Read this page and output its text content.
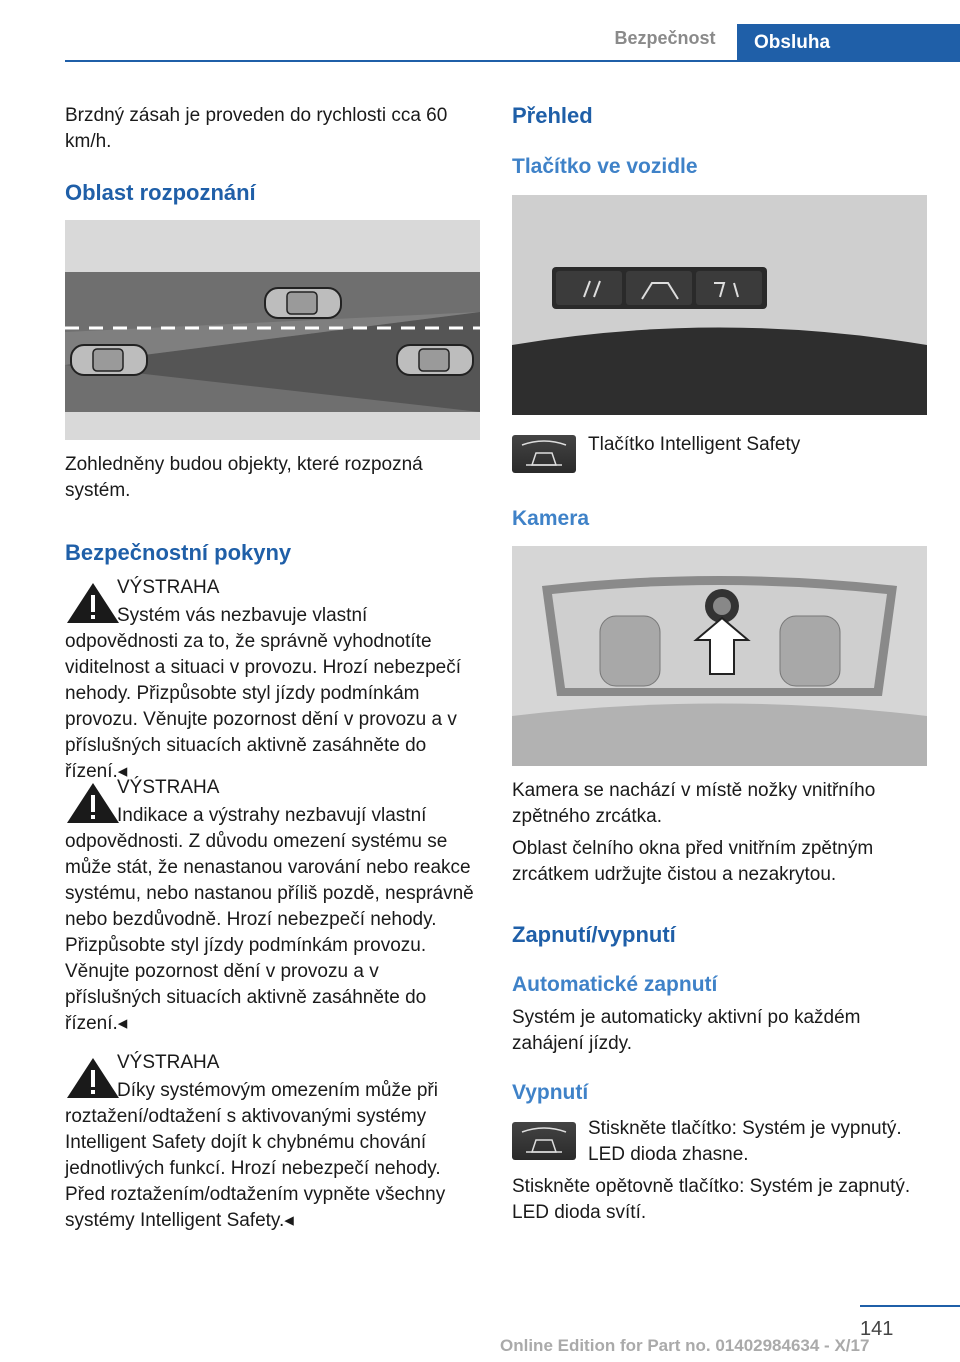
Bezpečnost	Obsluha

Brzdný zásah je proveden do rychlosti cca 60 km/h.

Oblast rozpoznání

Zohledněny budou objekty, které rozpozná systém.

Bezpečnostní pokyny
VÝSTRAHA

Systém vás nezbavuje vlastní odpovědnosti za to, že správně vyhodnotíte viditelnost a situaci v provozu. Hrozí nebezpečí nehody. Přizpůsobte styl jízdy podmínkám provozu. Věnujte pozornost dění v provozu a v příslušných situacích aktivně zasáhněte do řízení.◂

VÝSTRAHA

Indikace a výstrahy nezbavují vlastní odpovědnosti. Z důvodu omezení systému se může stát, že nenastanou varování nebo reakce systému, nebo nastanou příliš pozdě, nesprávně nebo bezdůvodně. Hrozí nebezpečí nehody. Přizpůsobte styl jízdy podmínkám provozu. Věnujte pozornost dění v provozu a v příslušných situacích aktivně zasáhněte do řízení.◂

VÝSTRAHA

Díky systémovým omezením může při roztažení/odtažení s aktivovanými systémy Intelligent Safety dojít k chybnému chování jednotlivých funkcí. Hrozí nebezpečí nehody. Před roztažením/odtažením vypněte všechny systémy Intelligent Safety.◂

Přehled
Tlačítko ve vozidle
Tlačítko Intelligent Safety
Kamera

Kamera se nachází v místě nožky vnitřního zpětného zrcátka.

Oblast čelního okna před vnitřním zpětným zrcátkem udržujte čistou a nezakrytou.

Zapnutí/vypnutí
Automatické zapnutí

Systém je automaticky aktivní po každém zahájení jízdy.

Vypnutí

Stiskněte tlačítko: Systém je vypnutý. LED dioda zhasne.

Stiskněte opětovně tlačítko: Systém je zapnutý. LED dioda svítí.

141
Online Edition for Part no. 01402984634 - X/17
